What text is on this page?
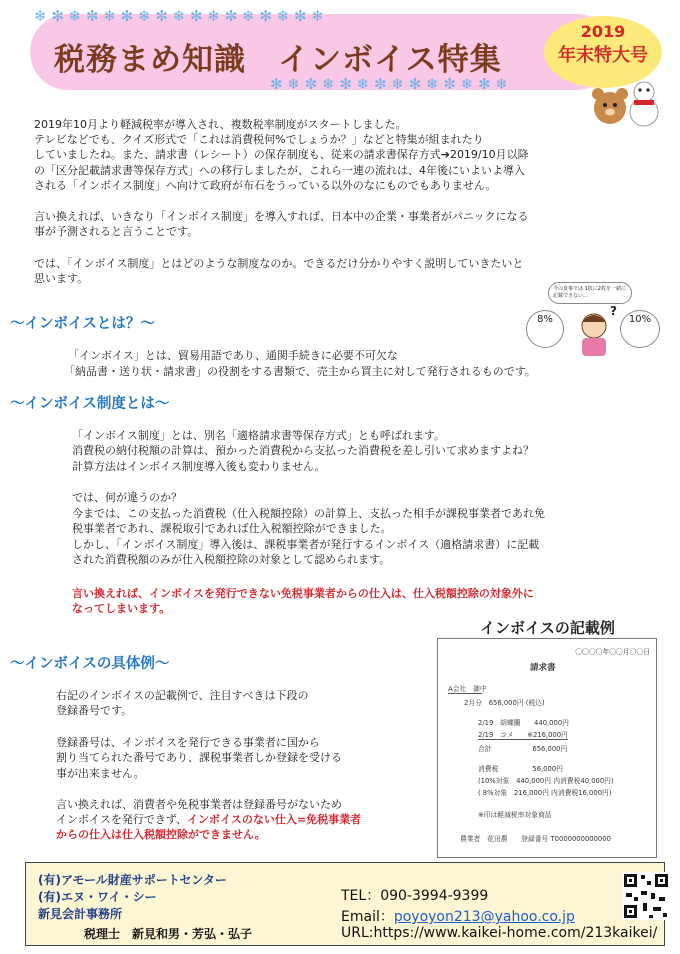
❄ ✻ ❄ ✼ ❄ ✻ ❄ ✼ ❄ ✻ ❄ ✼ ❄ ✻ ❄ ✻ ❄
✻ ❄ ✼ ❄ ✻ ❄ ✼ ❄ ✻ ❄ ✼ ❄ ✻ ❄
税務まめ知識　インボイス特集
2019
年末特大号
2019年10月より軽減税率が導入され、複数税率制度がスタートしました。
テレビなどでも、クイズ形式で「これは消費税何%でしょうか？」などと特集が組まれたり
していましたね。また、請求書（レシート）の保存制度も、従来の請求書保存方式➔2019/10月以降
の「区分記載請求書等保存方式」への移行しましたが、これら一連の流れは、4年後にいよいよ導入
される「インボイス制度」へ向けて政府が布石をうっている以外のなにものでもありません。
言い換えれば、いきなり「インボイス制度」を導入すれば、日本中の企業・事業者がパニックになる
事が予測されると言うことです。
では、「インボイス制度」とはどのような制度なのか。できるだけ分かりやすく説明していきたいと
思います。
今の食事では 1枚に2枚を一緒に記載できない…
8%	10%
?
～インボイスとは？～
「インボイス」とは、貿易用語であり、通関手続きに必要不可欠な
「納品書・送り状・請求書」の役割をする書類で、売主から買主に対して発行されるものです。
～インボイス制度とは～
「インボイス制度」とは、別名「適格請求書等保存方式」とも呼ばれます。
消費税の納付税額の計算は、預かった消費税から支払った消費税を差し引いて求めますよね？
計算方法はインボイス制度導入後も変わりません。
では、何が違うのか？
今までは、この支払った消費税（仕入税額控除）の計算上、支払った相手が課税事業者であれ免
税事業者であれ、課税取引であれば仕入税額控除ができました。
しかし、「インボイス制度」導入後は、課税事業者が発行するインボイス（適格請求書）に記載
された消費税額のみが仕入税額控除の対象として認められます。
言い換えれば、インボイスを発行できない免税事業者からの仕入は、仕入税額控除の対象外に
なってしまいます。
インボイスの記載例
〇〇〇〇年〇〇月〇〇日
請求書
A会社　御中
2月分　656,000円 (税込)
2/19　胡蝶蘭　　440,000円
2/19　コメ　　※216,000円
合計　　　　　　656,000円
消費税　　　　　56,000円
(10%対象　440,000円 内消費税40,000円)
( 8%対象　216,000円 内消費税16,000円)
※印は軽減税率対象商品
農業者　花田農　　登録番号 T0000000000000
～インボイスの具体例～
右記のインボイスの記載例で、注目すべきは下段の
登録番号です。
登録番号は、インボイスを発行できる事業者に国から
割り当てられた番号であり、課税事業者しか登録を受ける
事が出来ません。
言い換えれば、消費者や免税事業者は登録番号がないため
インボイスを発行できず、インボイスのない仕入=免税事業者
からの仕入は仕入税額控除ができません。
(有)アモール財産サポートセンター
(有)エヌ・ワイ・シー
新見会計事務所
税理士　新見和男・芳弘・弘子
TEL：090-3994-9399
Email：poyoyon213@yahoo.co.jp
URL:https://www.kaikei-home.com/213kaikei/
